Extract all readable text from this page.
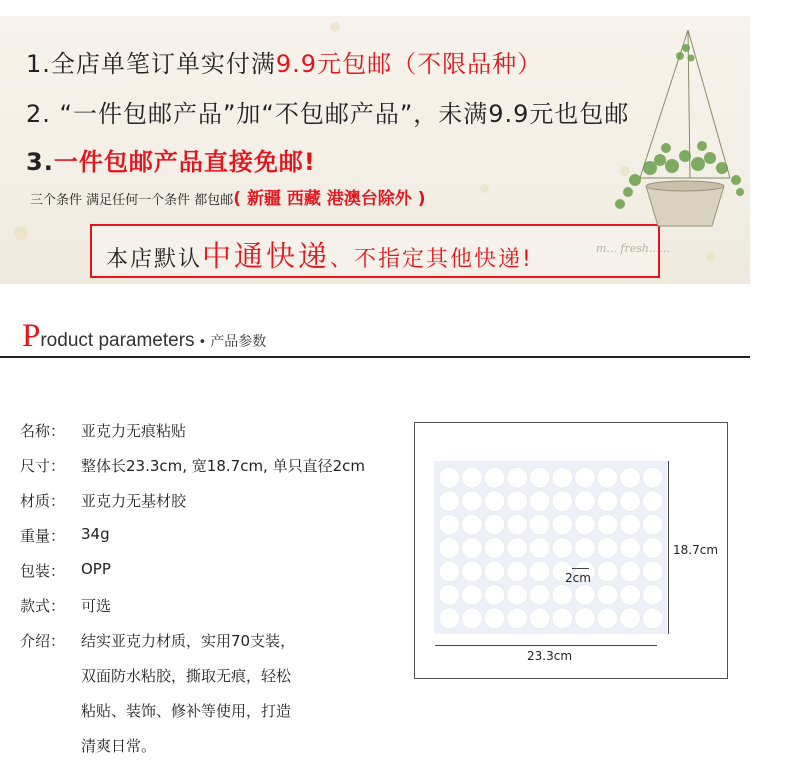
1.全店单笔订单实付满9.9元包邮（不限品种）
2. “一件包邮产品”加“不包邮产品”，未满9.9元也包邮
3.一件包邮产品直接免邮!
三个条件 满足任何一个条件 都包邮( 新疆 西藏 港澳台除外 )
本店默认中通快递、不指定其他快递!	m... fresh......
Product parameters • 产品参数
名称：	亚克力无痕粘贴
尺寸：	整体长23.3cm, 宽18.7cm, 单只直径2cm
材质：	亚克力无基材胶
重量：	34g
包装：	OPP
款式：	可选
介绍：	结实亚克力材质，实用70支装，
双面防水粘胶，撕取无痕，轻松
粘贴、装饰、修补等使用，打造
清爽日常。
18.7cm
2cm
23.3cm
